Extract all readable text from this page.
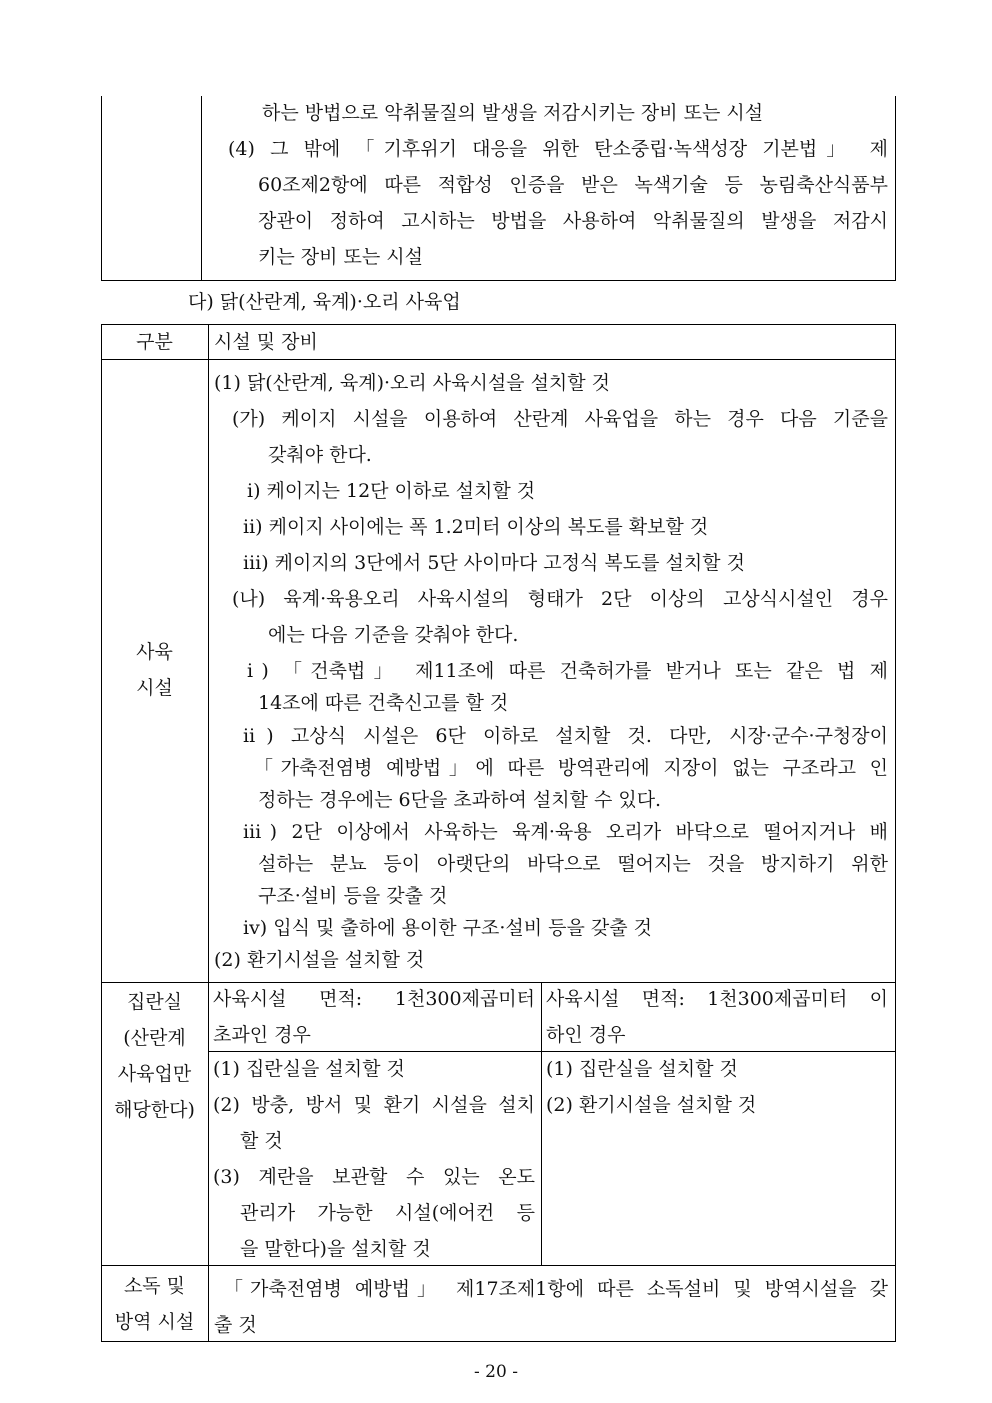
하는 방법으로 악취물질의 발생을 저감시키는 장비 또는 시설
(4) 그 밖에 「기후위기 대응을 위한 탄소중립·녹색성장 기본법」 제
60조제2항에 따른 적합성 인증을 받은 녹색기술 등 농림축산식품부
장관이 정하여 고시하는 방법을 사용하여 악취물질의 발생을 저감시
키는 장비 또는 시설
다) 닭(산란계, 육계)·오리 사육업
구분	시설 및 장비
사육
시설
(1) 닭(산란계, 육계)·오리 사육시설을 설치할 것
(가) 케이지 시설을 이용하여 산란계 사육업을 하는 경우 다음 기준을
갖춰야 한다.
ⅰ) 케이지는 12단 이하로 설치할 것
ⅱ) 케이지 사이에는 폭 1.2미터 이상의 복도를 확보할 것
ⅲ) 케이지의 3단에서 5단 사이마다 고정식 복도를 설치할 것
(나) 육계·육용오리 사육시설의 형태가 2단 이상의 고상식시설인 경우
에는 다음 기준을 갖춰야 한다.
ⅰ) 「건축법」 제11조에 따른 건축허가를 받거나 또는 같은 법 제
14조에 따른 건축신고를 할 것
ⅱ) 고상식 시설은 6단 이하로 설치할 것. 다만, 시장·군수·구청장이
「가축전염병 예방법」에 따른 방역관리에 지장이 없는 구조라고 인
정하는 경우에는 6단을 초과하여 설치할 수 있다.
ⅲ) 2단 이상에서 사육하는 육계·육용 오리가 바닥으로 떨어지거나 배
설하는 분뇨 등이 아랫단의 바닥으로 떨어지는 것을 방지하기 위한
구조·설비 등을 갖출 것
ⅳ) 입식 및 출하에 용이한 구조·설비 등을 갖출 것
(2) 환기시설을 설치할 것
집란실
(산란계
사육업만
해당한다)
사육시설 면적: 1천300제곱미터
초과인 경우
사육시설 면적: 1천300제곱미터 이
하인 경우
(1) 집란실을 설치할 것
(2) 방충, 방서 및 환기 시설을 설치
할 것
(3) 계란을 보관할 수 있는 온도
관리가 가능한 시설(에어컨 등
을 말한다)을 설치할 것
(1) 집란실을 설치할 것
(2) 환기시설을 설치할 것
소독 및
방역 시설
「가축전염병 예방법」 제17조제1항에 따른 소독설비 및 방역시설을 갖
출 것
- 20 -
